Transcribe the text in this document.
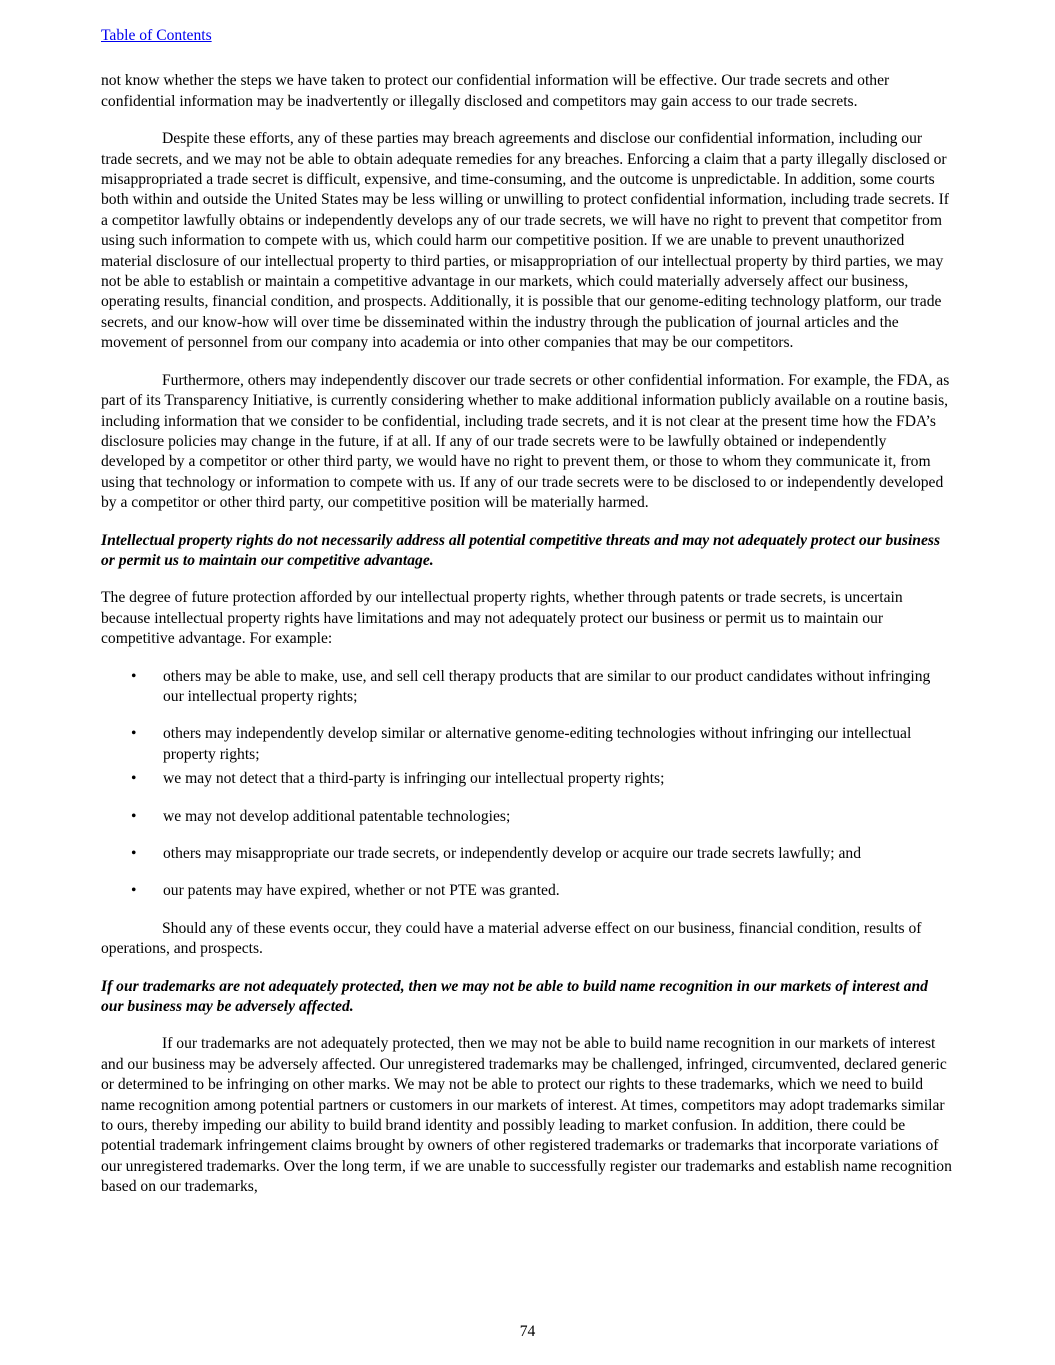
Table of Contents

not know whether the steps we have taken to protect our confidential information will be effective. Our trade secrets and other confidential information may be inadvertently or illegally disclosed and competitors may gain access to our trade secrets.

Despite these efforts, any of these parties may breach agreements and disclose our confidential information, including our trade secrets, and we may not be able to obtain adequate remedies for any breaches. Enforcing a claim that a party illegally disclosed or misappropriated a trade secret is difficult, expensive, and time-consuming, and the outcome is unpredictable. In addition, some courts both within and outside the United States may be less willing or unwilling to protect confidential information, including trade secrets. If a competitor lawfully obtains or independently develops any of our trade secrets, we will have no right to prevent that competitor from using such information to compete with us, which could harm our competitive position. If we are unable to prevent unauthorized material disclosure of our intellectual property to third parties, or misappropriation of our intellectual property by third parties, we may not be able to establish or maintain a competitive advantage in our markets, which could materially adversely affect our business, operating results, financial condition, and prospects. Additionally, it is possible that our genome-editing technology platform, our trade secrets, and our know-how will over time be disseminated within the industry through the publication of journal articles and the movement of personnel from our company into academia or into other companies that may be our competitors.

Furthermore, others may independently discover our trade secrets or other confidential information. For example, the FDA, as part of its Transparency Initiative, is currently considering whether to make additional information publicly available on a routine basis, including information that we consider to be confidential, including trade secrets, and it is not clear at the present time how the FDA’s disclosure policies may change in the future, if at all. If any of our trade secrets were to be lawfully obtained or independently developed by a competitor or other third party, we would have no right to prevent them, or those to whom they communicate it, from using that technology or information to compete with us. If any of our trade secrets were to be disclosed to or independently developed by a competitor or other third party, our competitive position will be materially harmed.

Intellectual property rights do not necessarily address all potential competitive threats and may not adequately protect our business or permit us to maintain our competitive advantage.

The degree of future protection afforded by our intellectual property rights, whether through patents or trade secrets, is uncertain because intellectual property rights have limitations and may not adequately protect our business or permit us to maintain our competitive advantage. For example:

• others may be able to make, use, and sell cell therapy products that are similar to our product candidates without infringing our intellectual property rights;
• others may independently develop similar or alternative genome-editing technologies without infringing our intellectual property rights;
• we may not detect that a third-party is infringing our intellectual property rights;
• we may not develop additional patentable technologies;
• others may misappropriate our trade secrets, or independently develop or acquire our trade secrets lawfully; and
• our patents may have expired, whether or not PTE was granted.

Should any of these events occur, they could have a material adverse effect on our business, financial condition, results of operations, and prospects.

If our trademarks are not adequately protected, then we may not be able to build name recognition in our markets of interest and our business may be adversely affected.

If our trademarks are not adequately protected, then we may not be able to build name recognition in our markets of interest and our business may be adversely affected. Our unregistered trademarks may be challenged, infringed, circumvented, declared generic or determined to be infringing on other marks. We may not be able to protect our rights to these trademarks, which we need to build name recognition among potential partners or customers in our markets of interest. At times, competitors may adopt trademarks similar to ours, thereby impeding our ability to build brand identity and possibly leading to market confusion. In addition, there could be potential trademark infringement claims brought by owners of other registered trademarks or trademarks that incorporate variations of our unregistered trademarks. Over the long term, if we are unable to successfully register our trademarks and establish name recognition based on our trademarks,

74
